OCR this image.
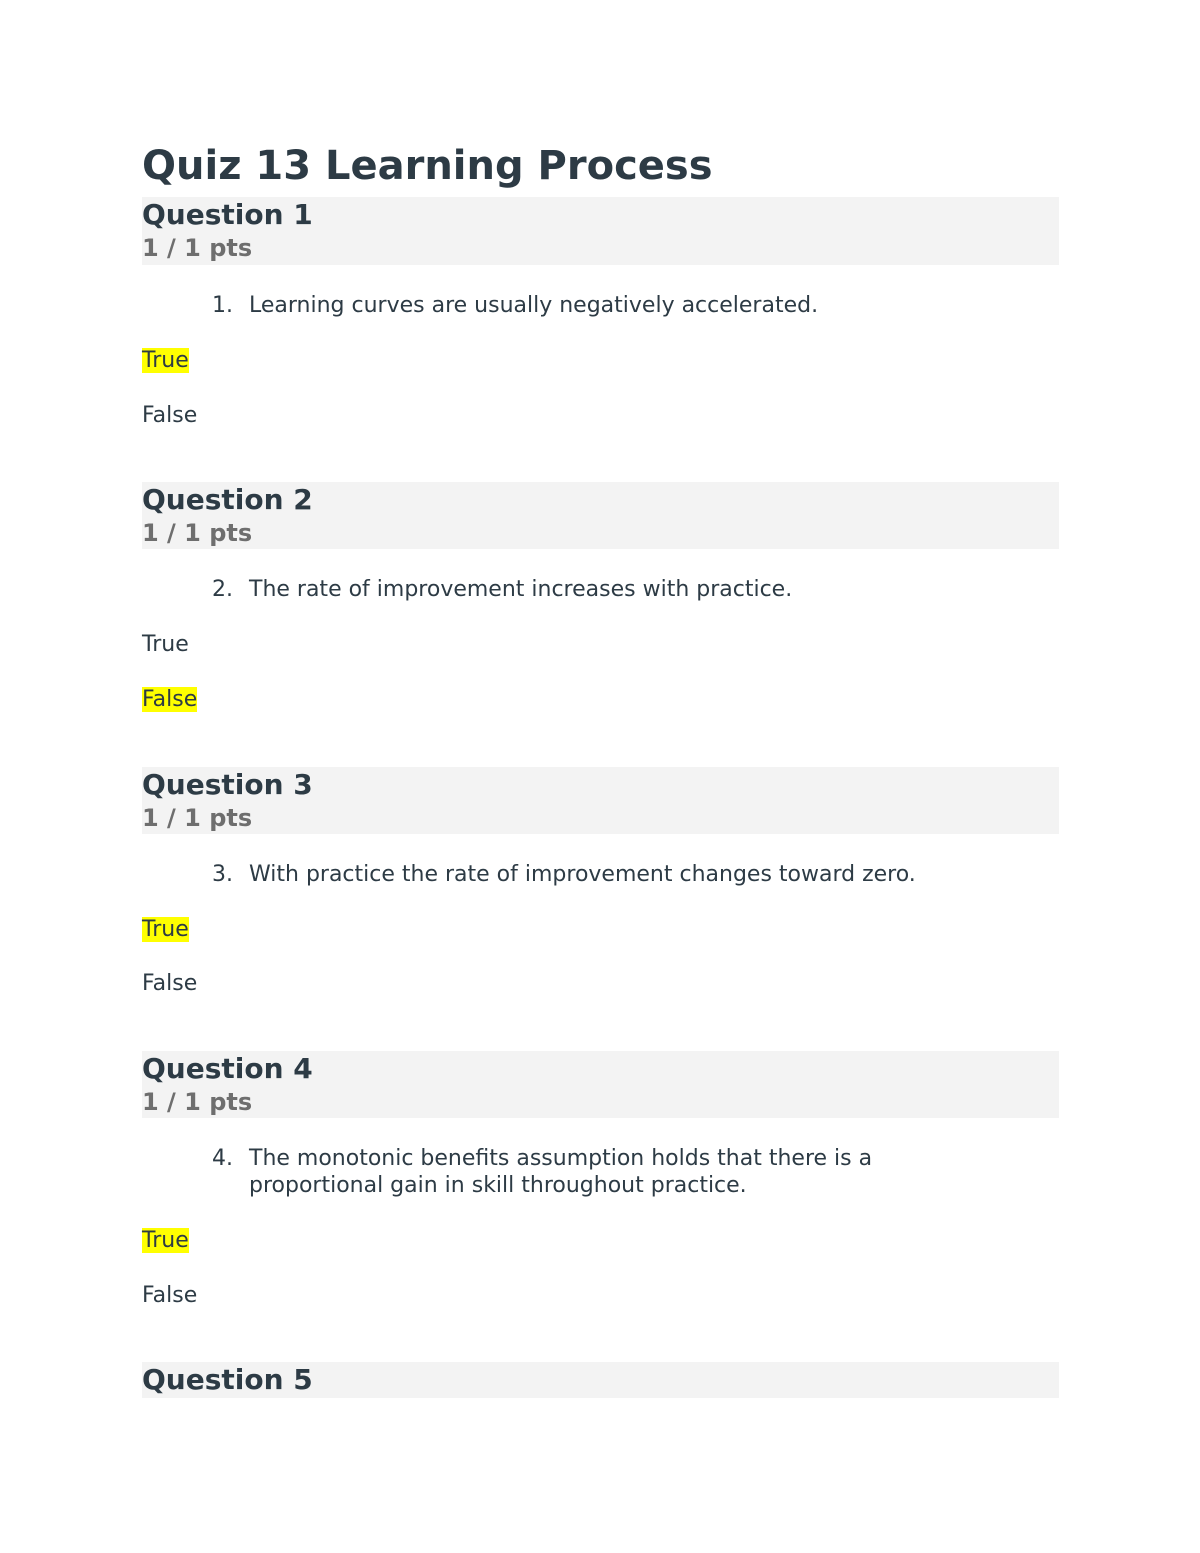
Quiz 13 Learning Process
Question 1
1 / 1 pts
1. Learning curves are usually negatively accelerated.
True
False
Question 2
1 / 1 pts
2. The rate of improvement increases with practice.
True
False
Question 3
1 / 1 pts
3. With practice the rate of improvement changes toward zero.
True
False
Question 4
1 / 1 pts
4. The monotonic benefits assumption holds that there is a proportional gain in skill throughout practice.
True
False
Question 5
